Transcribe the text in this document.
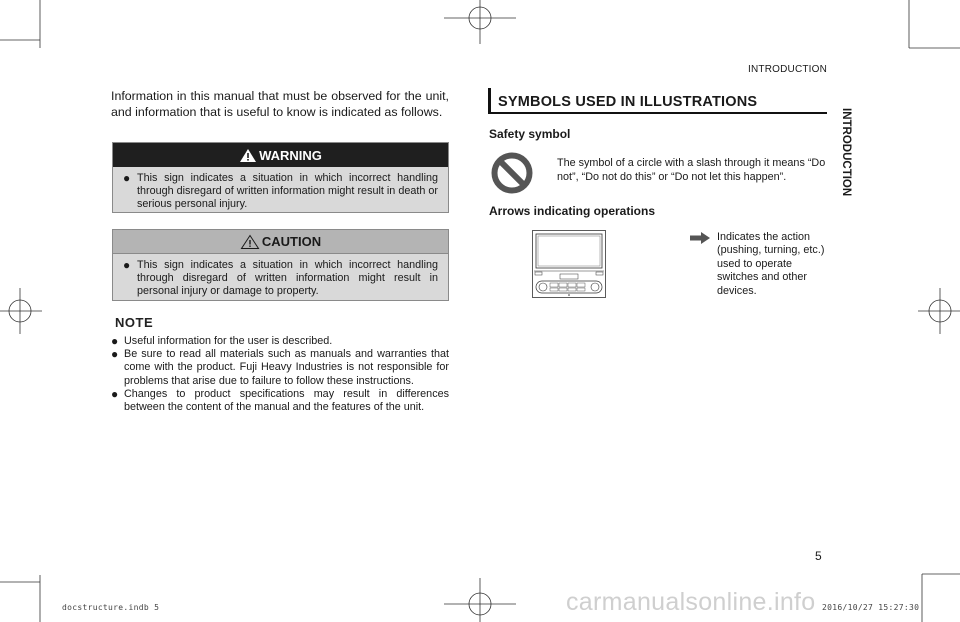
INTRODUCTION
INTRODUCTION

Information in this manual that must be observed for the unit, and information that is useful to know is indicated as follows.

WARNING
● This sign indicates a situation in which incorrect handling through disregard of written information might result in death or serious personal injury.
CAUTION
● This sign indicates a situation in which incorrect handling through disregard of written information might result in personal injury or damage to property.
NOTE
● Useful information for the user is described.
● Be sure to read all materials such as manuals and warranties that come with the product. Fuji Heavy Industries is not responsible for problems that arise due to failure to follow these instructions.
● Changes to product specifications may result in differences between the content of the manual and the features of the unit.
SYMBOLS USED IN ILLUSTRATIONS
Safety symbol

The symbol of a circle with a slash through it means “Do not”, “Do not do this” or “Do not let this happen”.

Arrows indicating operations

Indicates the action (pushing, turning, etc.) used to operate switches and other devices.

5
docstructure.indb 5	carmanualsonline.info 2016/10/27 15:27:30
